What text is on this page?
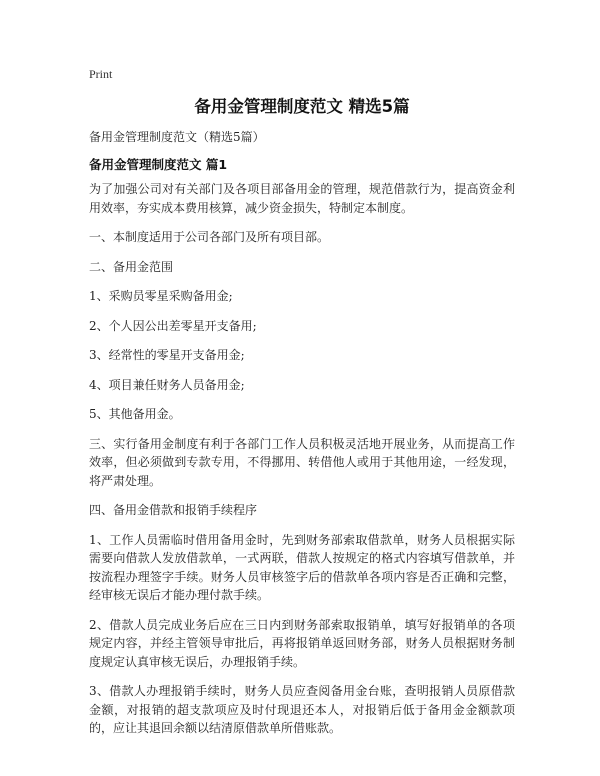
Print
备用金管理制度范文 精选5篇
备用金管理制度范文（精选5篇）
备用金管理制度范文 篇1

为了加强公司对有关部门及各项目部备用金的管理，规范借款行为，提高资金利用效率，夯实成本费用核算，减少资金损失，特制定本制度。

一、本制度适用于公司各部门及所有项目部。

二、备用金范围

1、采购员零星采购备用金;

2、个人因公出差零星开支备用;

3、经常性的零星开支备用金;

4、项目兼任财务人员备用金;

5、其他备用金。

三、实行备用金制度有利于各部门工作人员积极灵活地开展业务，从而提高工作效率，但必须做到专款专用，不得挪用、转借他人或用于其他用途，一经发现，将严肃处理。

四、备用金借款和报销手续程序

1、工作人员需临时借用备用金时，先到财务部索取借款单，财务人员根据实际需要向借款人发放借款单，一式两联，借款人按规定的格式内容填写借款单，并按流程办理签字手续。财务人员审核签字后的借款单各项内容是否正确和完整，经审核无误后才能办理付款手续。

2、借款人员完成业务后应在三日内到财务部索取报销单，填写好报销单的各项规定内容，并经主管领导审批后，再将报销单返回财务部，财务人员根据财务制度规定认真审核无误后，办理报销手续。

3、借款人办理报销手续时，财务人员应查阅备用金台账，查明报销人员原借款金额，对报销的超支款项应及时付现退还本人，对报销后低于备用金金额款项的，应让其退回余额以结清原借款单所借账款。
